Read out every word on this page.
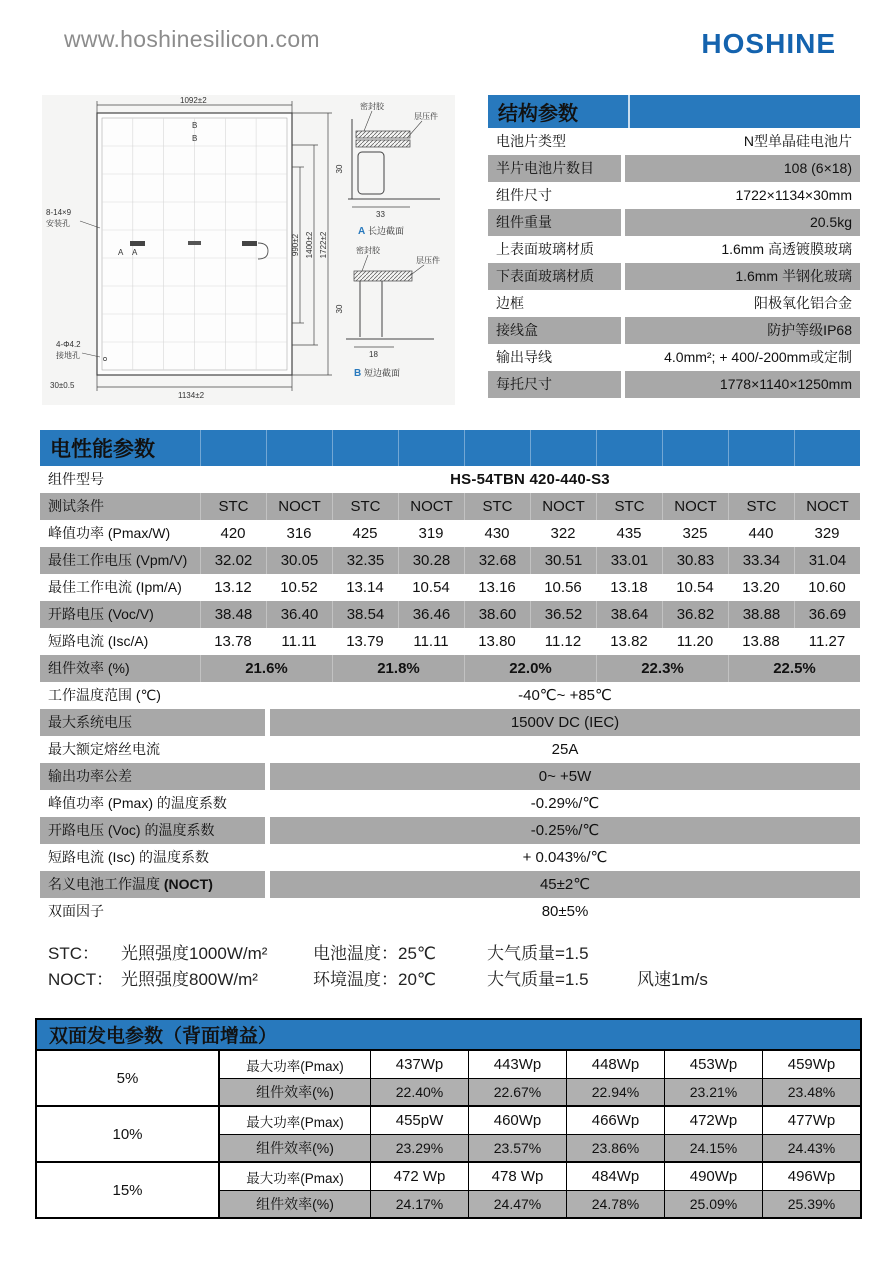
www.hoshinesilicon.com	HOSHINE
1092±2
B
B
8-14×9
安装孔
A A	990±2 1400±2 1722±2
4-Φ4.2
接地孔
30±0.5
1134±2
密封胶
层压件
30
33
A 长边截面
密封胶
层压件
30
18
B 短边截面
结构参数
电池片类型	N型单晶硅电池片
半片电池片数目	108 (6×18)
组件尺寸	1722×1134×30mm
组件重量	20.5kg
上表面玻璃材质	1.6mm 高透镀膜玻璃
下表面玻璃材质	1.6mm 半钢化玻璃
边框	阳极氧化铝合金
接线盒	防护等级IP68
输出导线	4.0mm²; + 400/-200mm或定制
每托尺寸	1778×1140×1250mm
电性能参数
组件型号	HS-54TBN 420-440-S3
测试条件	STC	NOCT	STC	NOCT	STC	NOCT	STC	NOCT	STC	NOCT
峰值功率 (Pmax/W)	420	316	425	319	430	322	435	325	440	329
最佳工作电压 (Vpm/V)	32.02	30.05	32.35	30.28	32.68	30.51	33.01	30.83	33.34	31.04
最佳工作电流 (Ipm/A)	13.12	10.52	13.14	10.54	13.16	10.56	13.18	10.54	13.20	10.60
开路电压 (Voc/V)	38.48	36.40	38.54	36.46	38.60	36.52	38.64	36.82	38.88	36.69
短路电流 (Isc/A)	13.78	11.11	13.79	11.11	13.80	11.12	13.82	11.20	13.88	11.27
组件效率 (%)	21.6%	21.8%	22.0%	22.3%	22.5%
工作温度范围 (℃)	-40℃~ +85℃
最大系统电压	1500V DC (IEC)
最大额定熔丝电流	25A
输出功率公差	0~ +5W
峰值功率 (Pmax) 的温度系数	-0.29%/℃
开路电压 (Voc) 的温度系数	-0.25%/℃
短路电流 (Isc) 的温度系数	+ 0.043%/℃
名义电池工作温度 (NOCT)	45±2℃
双面因子	80±5%
STC：	光照强度1000W/m²	电池温度：25℃	大气质量=1.5
NOCT： 光照强度800W/m²	环境温度：20℃	大气质量=1.5	风速1m/s
双面发电参数（背面增益）
5%
最大功率(Pmax)	437Wp	443Wp	448Wp	453Wp	459Wp
组件效率(%)	22.40%	22.67%	22.94%	23.21%	23.48%
10%
最大功率(Pmax)	455pW	460Wp	466Wp	472Wp	477Wp
组件效率(%)	23.29%	23.57%	23.86%	24.15%	24.43%
15%
最大功率(Pmax)	472 Wp	478 Wp	484Wp	490Wp	496Wp
组件效率(%)	24.17%	24.47%	24.78%	25.09%	25.39%
